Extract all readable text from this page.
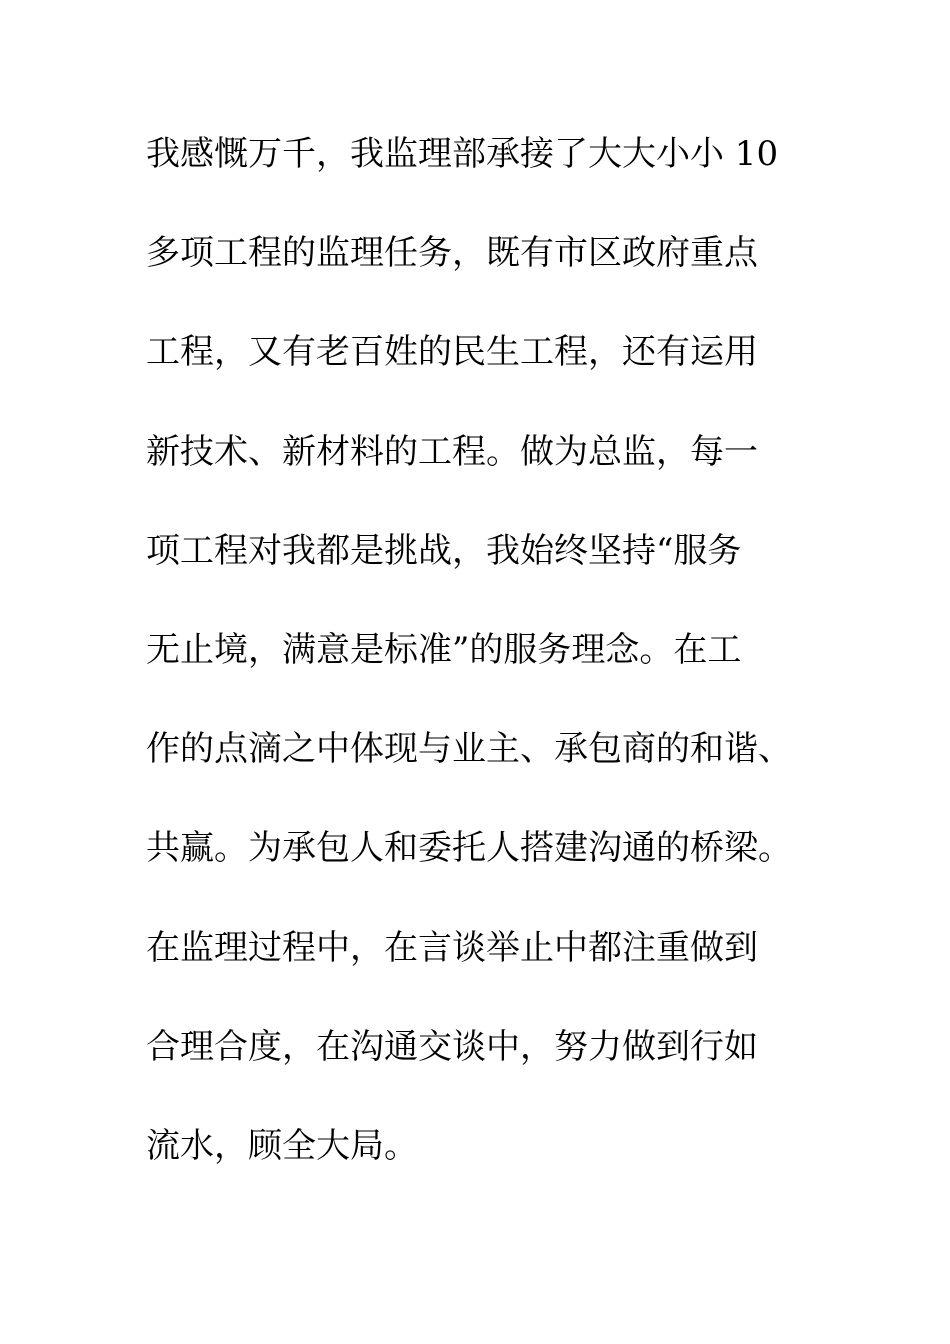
我感慨万千，我监理部承接了大大小小 10
多项工程的监理任务，既有市区政府重点
工程，又有老百姓的民生工程，还有运用
新技术、新材料的工程。做为总监，每一
项工程对我都是挑战，我始终坚持“服务
无止境，满意是标准”的服务理念。在工
作的点滴之中体现与业主、承包商的和谐、
共赢。为承包人和委托人搭建沟通的桥梁。
在监理过程中，在言谈举止中都注重做到
合理合度，在沟通交谈中，努力做到行如
流水，顾全大局。
